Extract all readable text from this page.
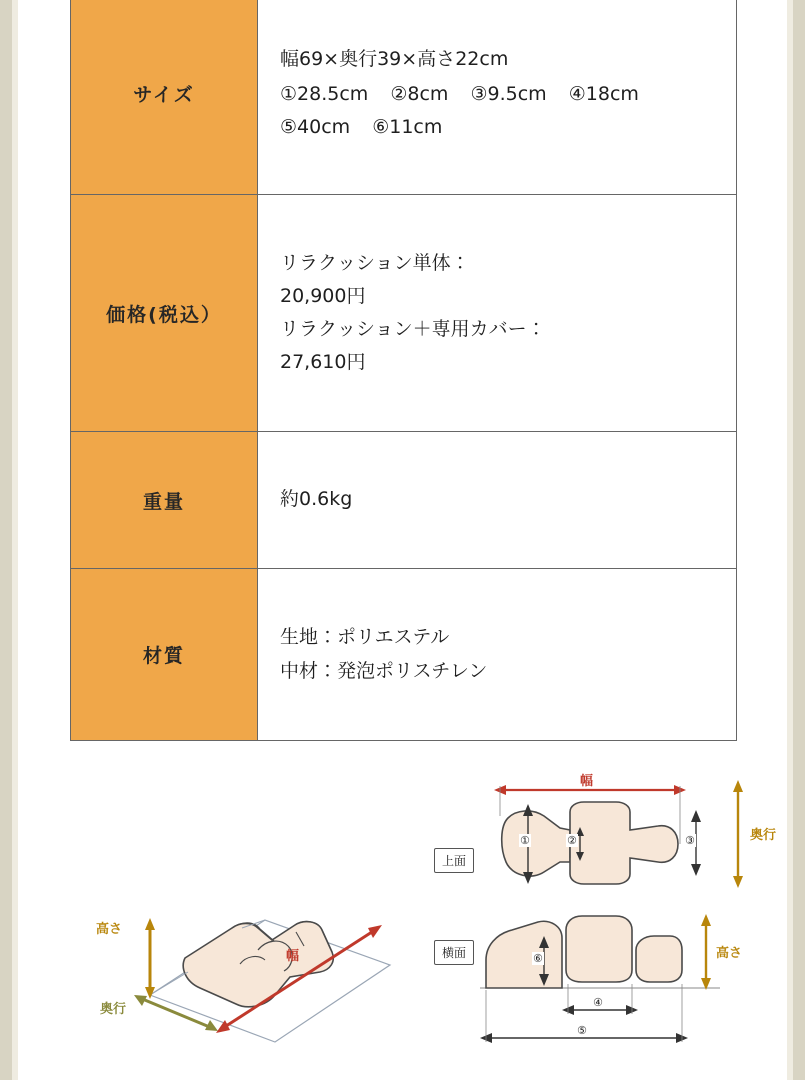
サイズ	幅69×奥行39×高さ22cm
①28.5cm ②8cm ③9.5cm ④18cm
⑤40cm ⑥11cm

価格(税込）	リラクッション単体：
20,900円
リラクッション＋専用カバー：
27,610円

重量	約0.6kg
材質	生地：ポリエステル
中材：発泡ポリスチレン
高さ
幅
奥行
上面
横面
幅
奥行
高さ
①	②	③
⑥
④
⑤
